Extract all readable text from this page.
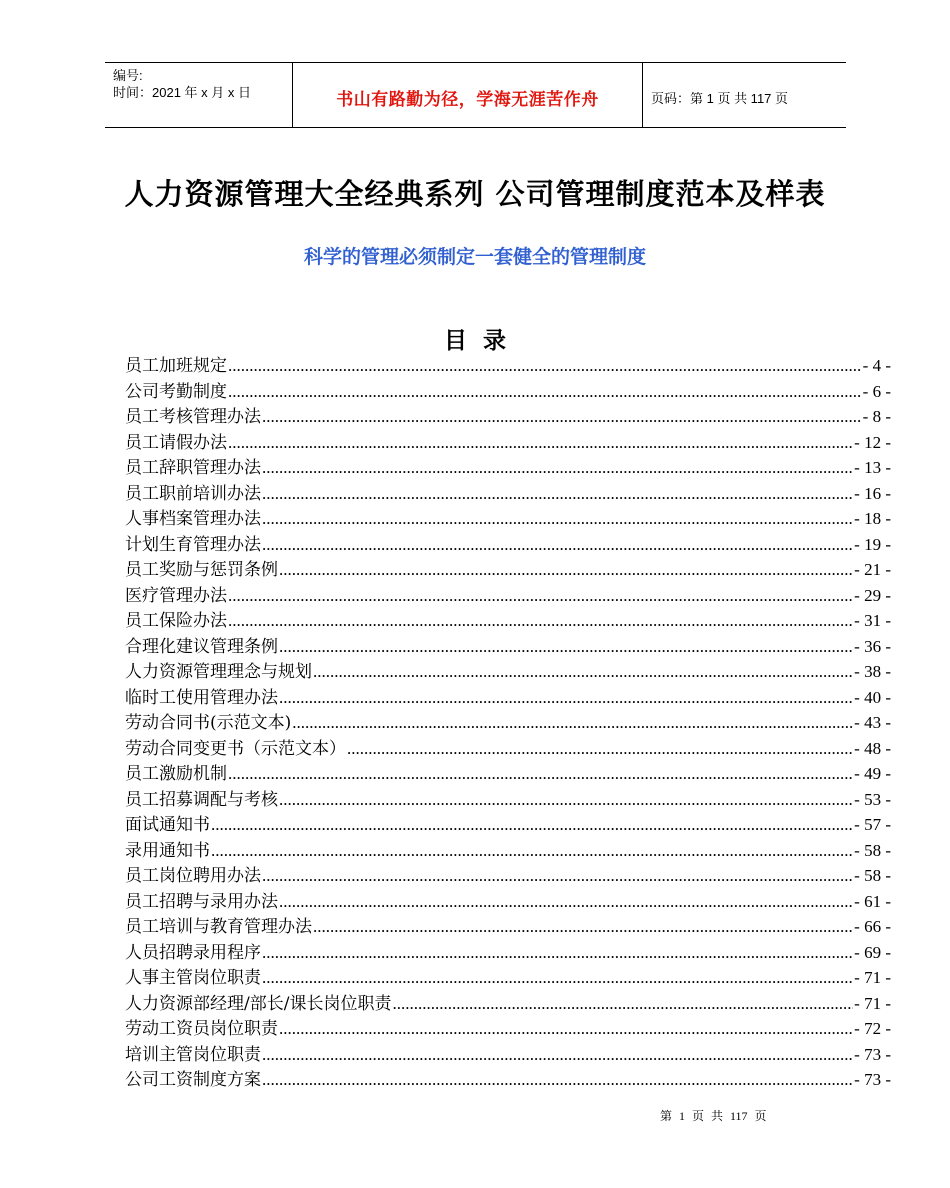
编号:
时间：2021 年 x 月 x 日	书山有路勤为径，学海无涯苦作舟	页码：第 1 页 共 117 页
人力资源管理大全经典系列 公司管理制度范本及样表
科学的管理必须制定一套健全的管理制度
目 录
员工加班规定 .....	- 4 -
公司考勤制度 .....	- 6 -
员工考核管理办法 .....	- 8 -
员工请假办法 .....	- 12 -
员工辞职管理办法 .....	- 13 -
员工职前培训办法 .....	- 16 -
人事档案管理办法 .....	- 18 -
计划生育管理办法 .....	- 19 -
员工奖励与惩罚条例 .....	- 21 -
医疗管理办法 .....	- 29 -
员工保险办法 .....	- 31 -
合理化建议管理条例 .....	- 36 -
人力资源管理理念与规划 .....	- 38 -
临时工使用管理办法 .....	- 40 -
劳动合同书(示范文本) .....	- 43 -
劳动合同变更书（示范文本） .....	- 48 -
员工激励机制 .....	- 49 -
员工招募调配与考核 .....	- 53 -
面试通知书 .....	- 57 -
录用通知书 .....	- 58 -
员工岗位聘用办法 .....	- 58 -
员工招聘与录用办法 .....	- 61 -
员工培训与教育管理办法 .....	- 66 -
人员招聘录用程序 .....	- 69 -
人事主管岗位职责 .....	- 71 -
人力资源部经理/部长/课长岗位职责 .....	- 71 -
劳动工资员岗位职责 .....	- 72 -
培训主管岗位职责 .....	- 73 -
公司工资制度方案 .....	- 73 -
第 1 页 共 117 页
